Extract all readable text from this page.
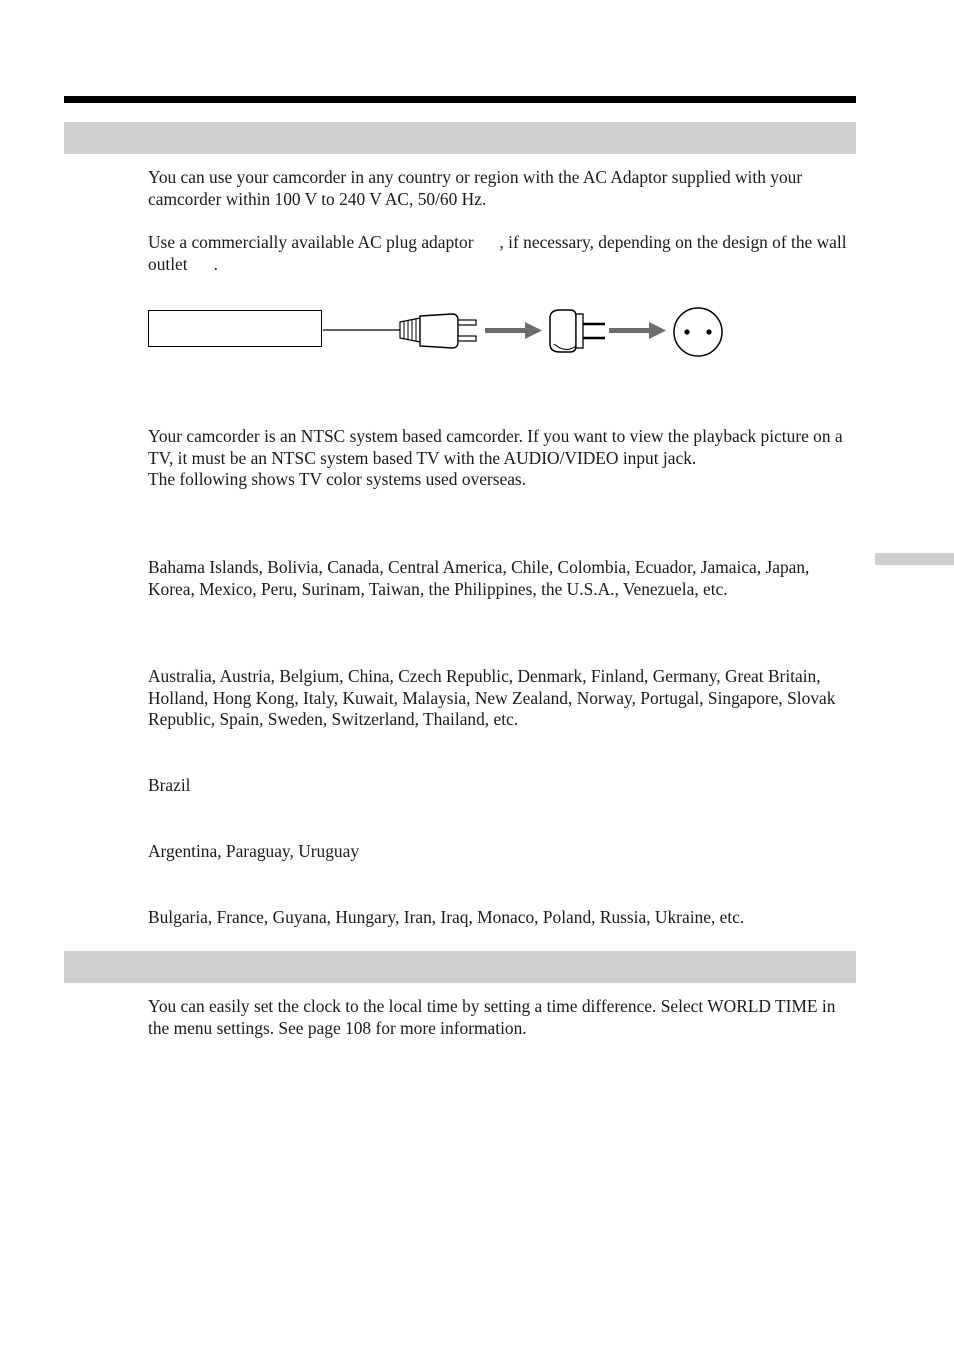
You can use your camcorder in any country or region with the AC Adaptor supplied with your camcorder within 100 V to 240 V AC, 50/60 Hz.

Use a commercially available AC plug adaptor , if necessary, depending on the design of the wall outlet .

Your camcorder is an NTSC system based camcorder. If you want to view the playback picture on a TV, it must be an NTSC system based TV with the AUDIO/VIDEO input jack.
The following shows TV color systems used overseas.

Bahama Islands, Bolivia, Canada, Central America, Chile, Colombia, Ecuador, Jamaica, Japan, Korea, Mexico, Peru, Surinam, Taiwan, the Philippines, the U.S.A., Venezuela, etc.

Australia, Austria, Belgium, China, Czech Republic, Denmark, Finland, Germany, Great Britain, Holland, Hong Kong, Italy, Kuwait, Malaysia, New Zealand, Norway, Portugal, Singapore, Slovak Republic, Spain, Sweden, Switzerland, Thailand, etc.

Brazil

Argentina, Paraguay, Uruguay

Bulgaria, France, Guyana, Hungary, Iran, Iraq, Monaco, Poland, Russia, Ukraine, etc.

You can easily set the clock to the local time by setting a time difference. Select WORLD TIME in the menu settings. See page 108 for more information.
